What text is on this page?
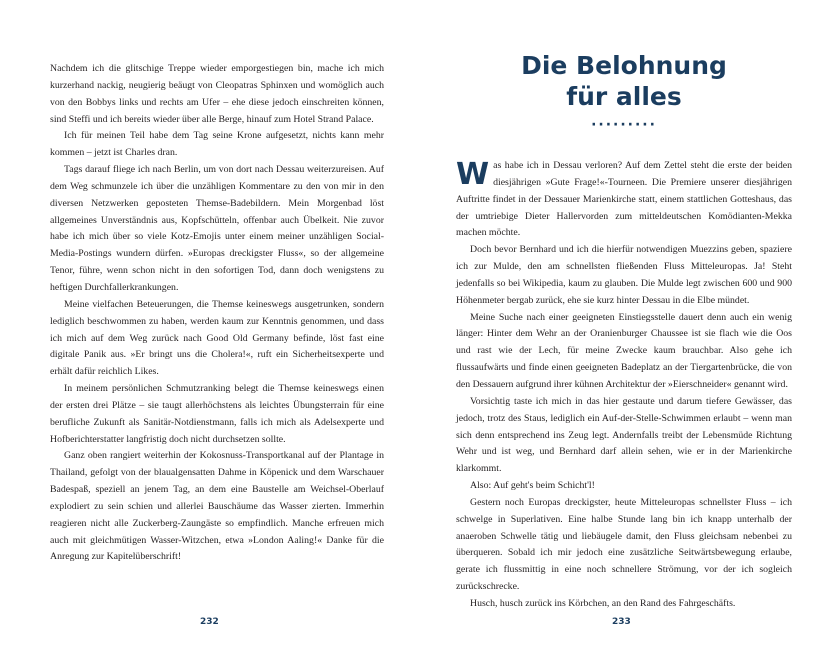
Nachdem ich die glitschige Treppe wieder emporgestiegen bin, mache ich mich kurzerhand nackig, neugierig beäugt von Cleopatras Sphinxen und womöglich auch von den Bobbys links und rechts am Ufer – ehe diese jedoch einschreiten können, sind Steffi und ich bereits wieder über alle Berge, hinauf zum Hotel Strand Palace.

Ich für meinen Teil habe dem Tag seine Krone aufgesetzt, nichts kann mehr kommen – jetzt ist Charles dran.

Tags darauf fliege ich nach Berlin, um von dort nach Dessau weiterzureisen. Auf dem Weg schmunzele ich über die unzähligen Kommentare zu den von mir in den diversen Netzwerken geposteten Themse-Badebildern. Mein Morgenbad löst allgemeines Unverständnis aus, Kopfschütteln, offenbar auch Übelkeit. Nie zuvor habe ich mich über so viele Kotz-Emojis unter einem meiner unzähligen Social-Media-Postings wundern dürfen. »Europas dreckigster Fluss«, so der allgemeine Tenor, führe, wenn schon nicht in den sofortigen Tod, dann doch wenigstens zu heftigen Durchfallerkrankungen.

Meine vielfachen Beteuerungen, die Themse keineswegs ausgetrunken, sondern lediglich beschwommen zu haben, werden kaum zur Kenntnis genommen, und dass ich mich auf dem Weg zurück nach Good Old Germany befinde, löst fast eine digitale Panik aus. »Er bringt uns die Cholera!«, ruft ein Sicherheitsexperte und erhält dafür reichlich Likes.

In meinem persönlichen Schmutzranking belegt die Themse keineswegs einen der ersten drei Plätze – sie taugt allerhöchstens als leichtes Übungsterrain für eine berufliche Zukunft als Sanitär-Notdienstmann, falls ich mich als Adelsexperte und Hofberichterstatter langfristig doch nicht durchsetzen sollte.

Ganz oben rangiert weiterhin der Kokosnuss-Transportkanal auf der Plantage in Thailand, gefolgt von der blaualgensatten Dahme in Köpenick und dem Warschauer Badespaß, speziell an jenem Tag, an dem eine Baustelle am Weichsel-Oberlauf explodiert zu sein schien und allerlei Bauschäume das Wasser zierten. Immerhin reagieren nicht alle Zuckerberg-Zaungäste so empfindlich. Manche erfreuen mich auch mit gleichmütigen Wasser-Witzchen, etwa »London Aaling!« Danke für die Anregung zur Kapitelüberschrift!

232
Die Belohnung
für alles
·········

Was habe ich in Dessau verloren? Auf dem Zettel steht die erste der beiden diesjährigen »Gute Frage!«-Tourneen. Die Premiere unserer diesjährigen Auftritte findet in der Dessauer Marienkirche statt, einem stattlichen Gotteshaus, das der umtriebige Dieter Hallervorden zum mitteldeutschen Komödianten-Mekka machen möchte.

Doch bevor Bernhard und ich die hierfür notwendigen Muezzins geben, spaziere ich zur Mulde, den am schnellsten fließenden Fluss Mitteleuropas. Ja! Steht jedenfalls so bei Wikipedia, kaum zu glauben. Die Mulde legt zwischen 600 und 900 Höhenmeter bergab zurück, ehe sie kurz hinter Dessau in die Elbe mündet.

Meine Suche nach einer geeigneten Einstiegsstelle dauert denn auch ein wenig länger: Hinter dem Wehr an der Oranienburger Chaussee ist sie flach wie die Oos und rast wie der Lech, für meine Zwecke kaum brauchbar. Also gehe ich flussaufwärts und finde einen geeigneten Badeplatz an der Tiergartenbrücke, die von den Dessauern aufgrund ihrer kühnen Architektur der »Eierschneider« genannt wird.

Vorsichtig taste ich mich in das hier gestaute und darum tiefere Gewässer, das jedoch, trotz des Staus, lediglich ein Auf-der-Stelle-Schwimmen erlaubt – wenn man sich denn entsprechend ins Zeug legt. Andernfalls treibt der Lebensmüde Richtung Wehr und ist weg, und Bernhard darf allein sehen, wie er in der Marienkirche klarkommt.

Also: Auf geht's beim Schicht'l!

Gestern noch Europas dreckigster, heute Mitteleuropas schnellster Fluss – ich schwelge in Superlativen. Eine halbe Stunde lang bin ich knapp unterhalb der anaeroben Schwelle tätig und liebäugele damit, den Fluss gleichsam nebenbei zu überqueren. Sobald ich mir jedoch eine zusätzliche Seitwärtsbewegung erlaube, gerate ich flussmittig in eine noch schnellere Strömung, vor der ich sogleich zurückschrecke.

Husch, husch zurück ins Körbchen, an den Rand des Fahrgeschäfts.

233
